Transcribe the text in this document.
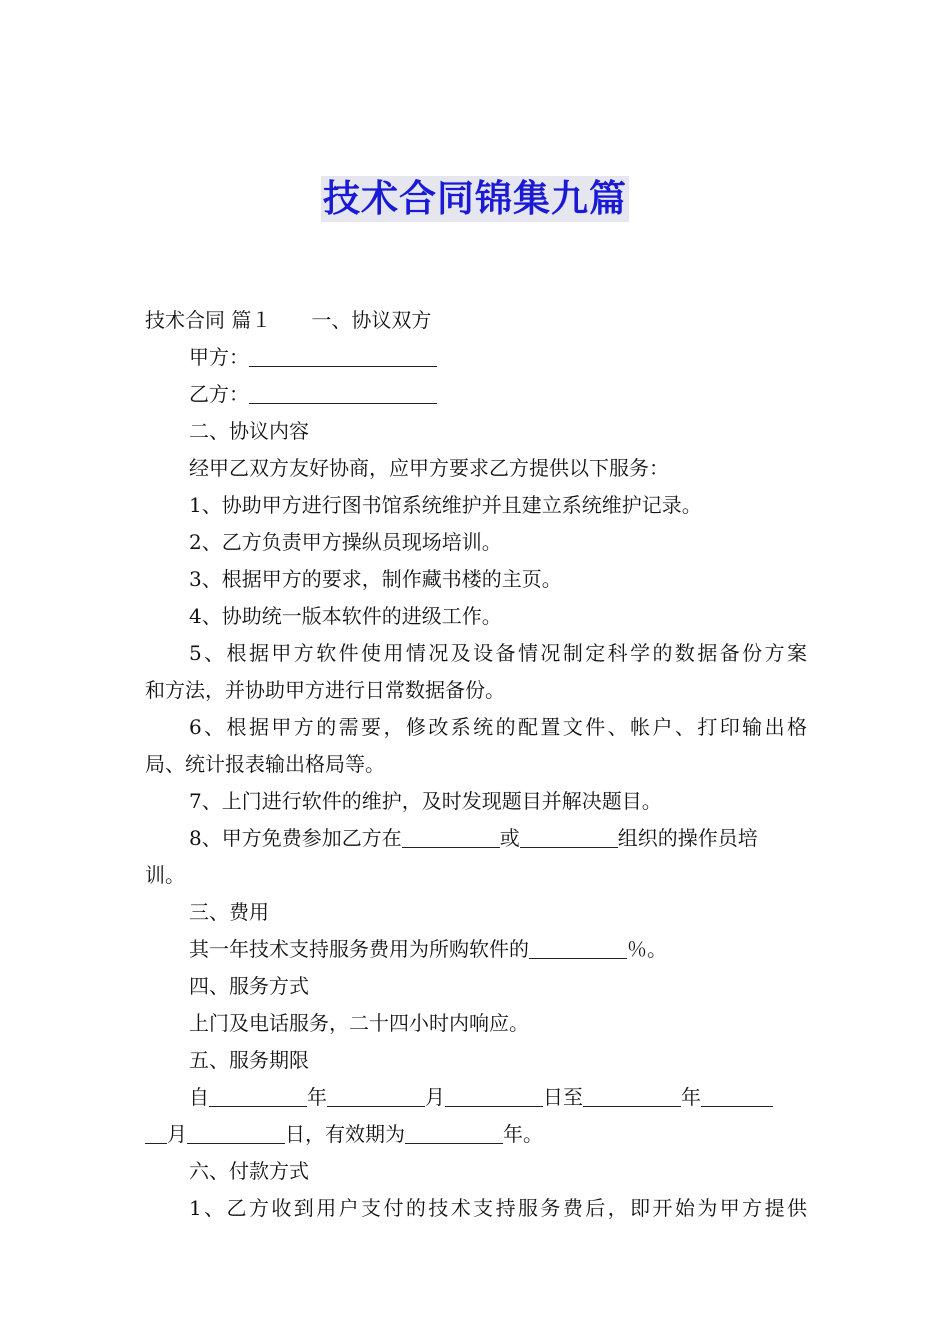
技术合同锦集九篇
技术合同 篇１ 一、协议双方
甲方：
乙方：
二、协议内容
经甲乙双方友好协商，应甲方要求乙方提供以下服务：
1、协助甲方进行图书馆系统维护并且建立系统维护记录。
2、乙方负责甲方操纵员现场培训。
3、根据甲方的要求，制作藏书楼的主页。
4、协助统一版本软件的进级工作。
5、根据甲方软件使用情况及设备情况制定科学的数据备份方案
和方法，并协助甲方进行日常数据备份。
6、根据甲方的需要，修改系统的配置文件、帐户、打印输出格
局、统计报表输出格局等。
7、上门进行软件的维护，及时发现题目并解决题目。
8、甲方免费参加乙方在	或	组织的操作员培
训。
三、费用
其一年技术支持服务费用为所购软件的	％。
四、服务方式
上门及电话服务，二十四小时内响应。
五、服务期限
自	年	月	日至	年
月	日，有效期为	年。
六、付款方式
1、乙方收到用户支付的技术支持服务费后，即开始为甲方提供
